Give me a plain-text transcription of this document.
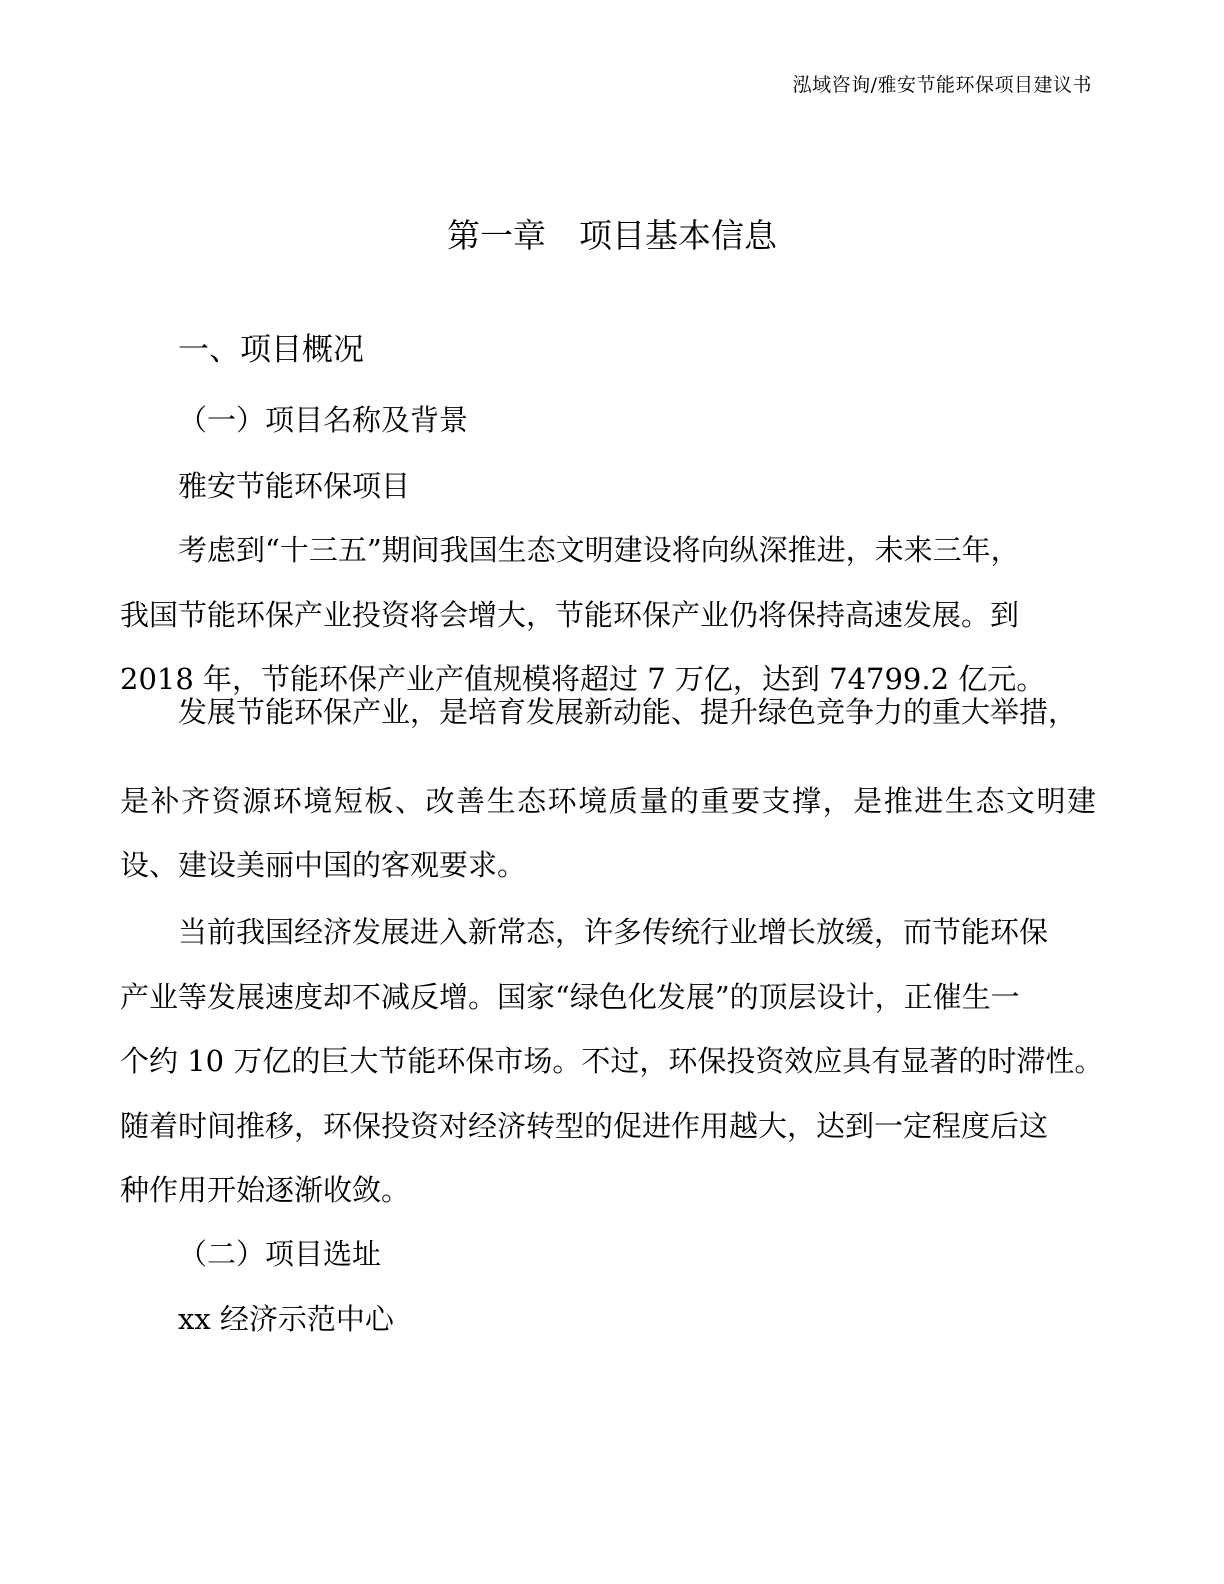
泓域咨询/雅安节能环保项目建议书
第一章　项目基本信息
一、项目概况
（一）项目名称及背景
雅安节能环保项目
考虑到“十三五”期间我国生态文明建设将向纵深推进，未来三年，
我国节能环保产业投资将会增大，节能环保产业仍将保持高速发展。到
2018 年，节能环保产业产值规模将超过 7 万亿，达到 74799.2 亿元。
发展节能环保产业，是培育发展新动能、提升绿色竞争力的重大举措，
是补齐资源环境短板、改善生态环境质量的重要支撑，是推进生态文明建
设、建设美丽中国的客观要求。
当前我国经济发展进入新常态，许多传统行业增长放缓，而节能环保
产业等发展速度却不减反增。国家“绿色化发展”的顶层设计，正催生一
个约 10 万亿的巨大节能环保市场。不过，环保投资效应具有显著的时滞性。
随着时间推移，环保投资对经济转型的促进作用越大，达到一定程度后这
种作用开始逐渐收敛。
（二）项目选址
xx 经济示范中心
